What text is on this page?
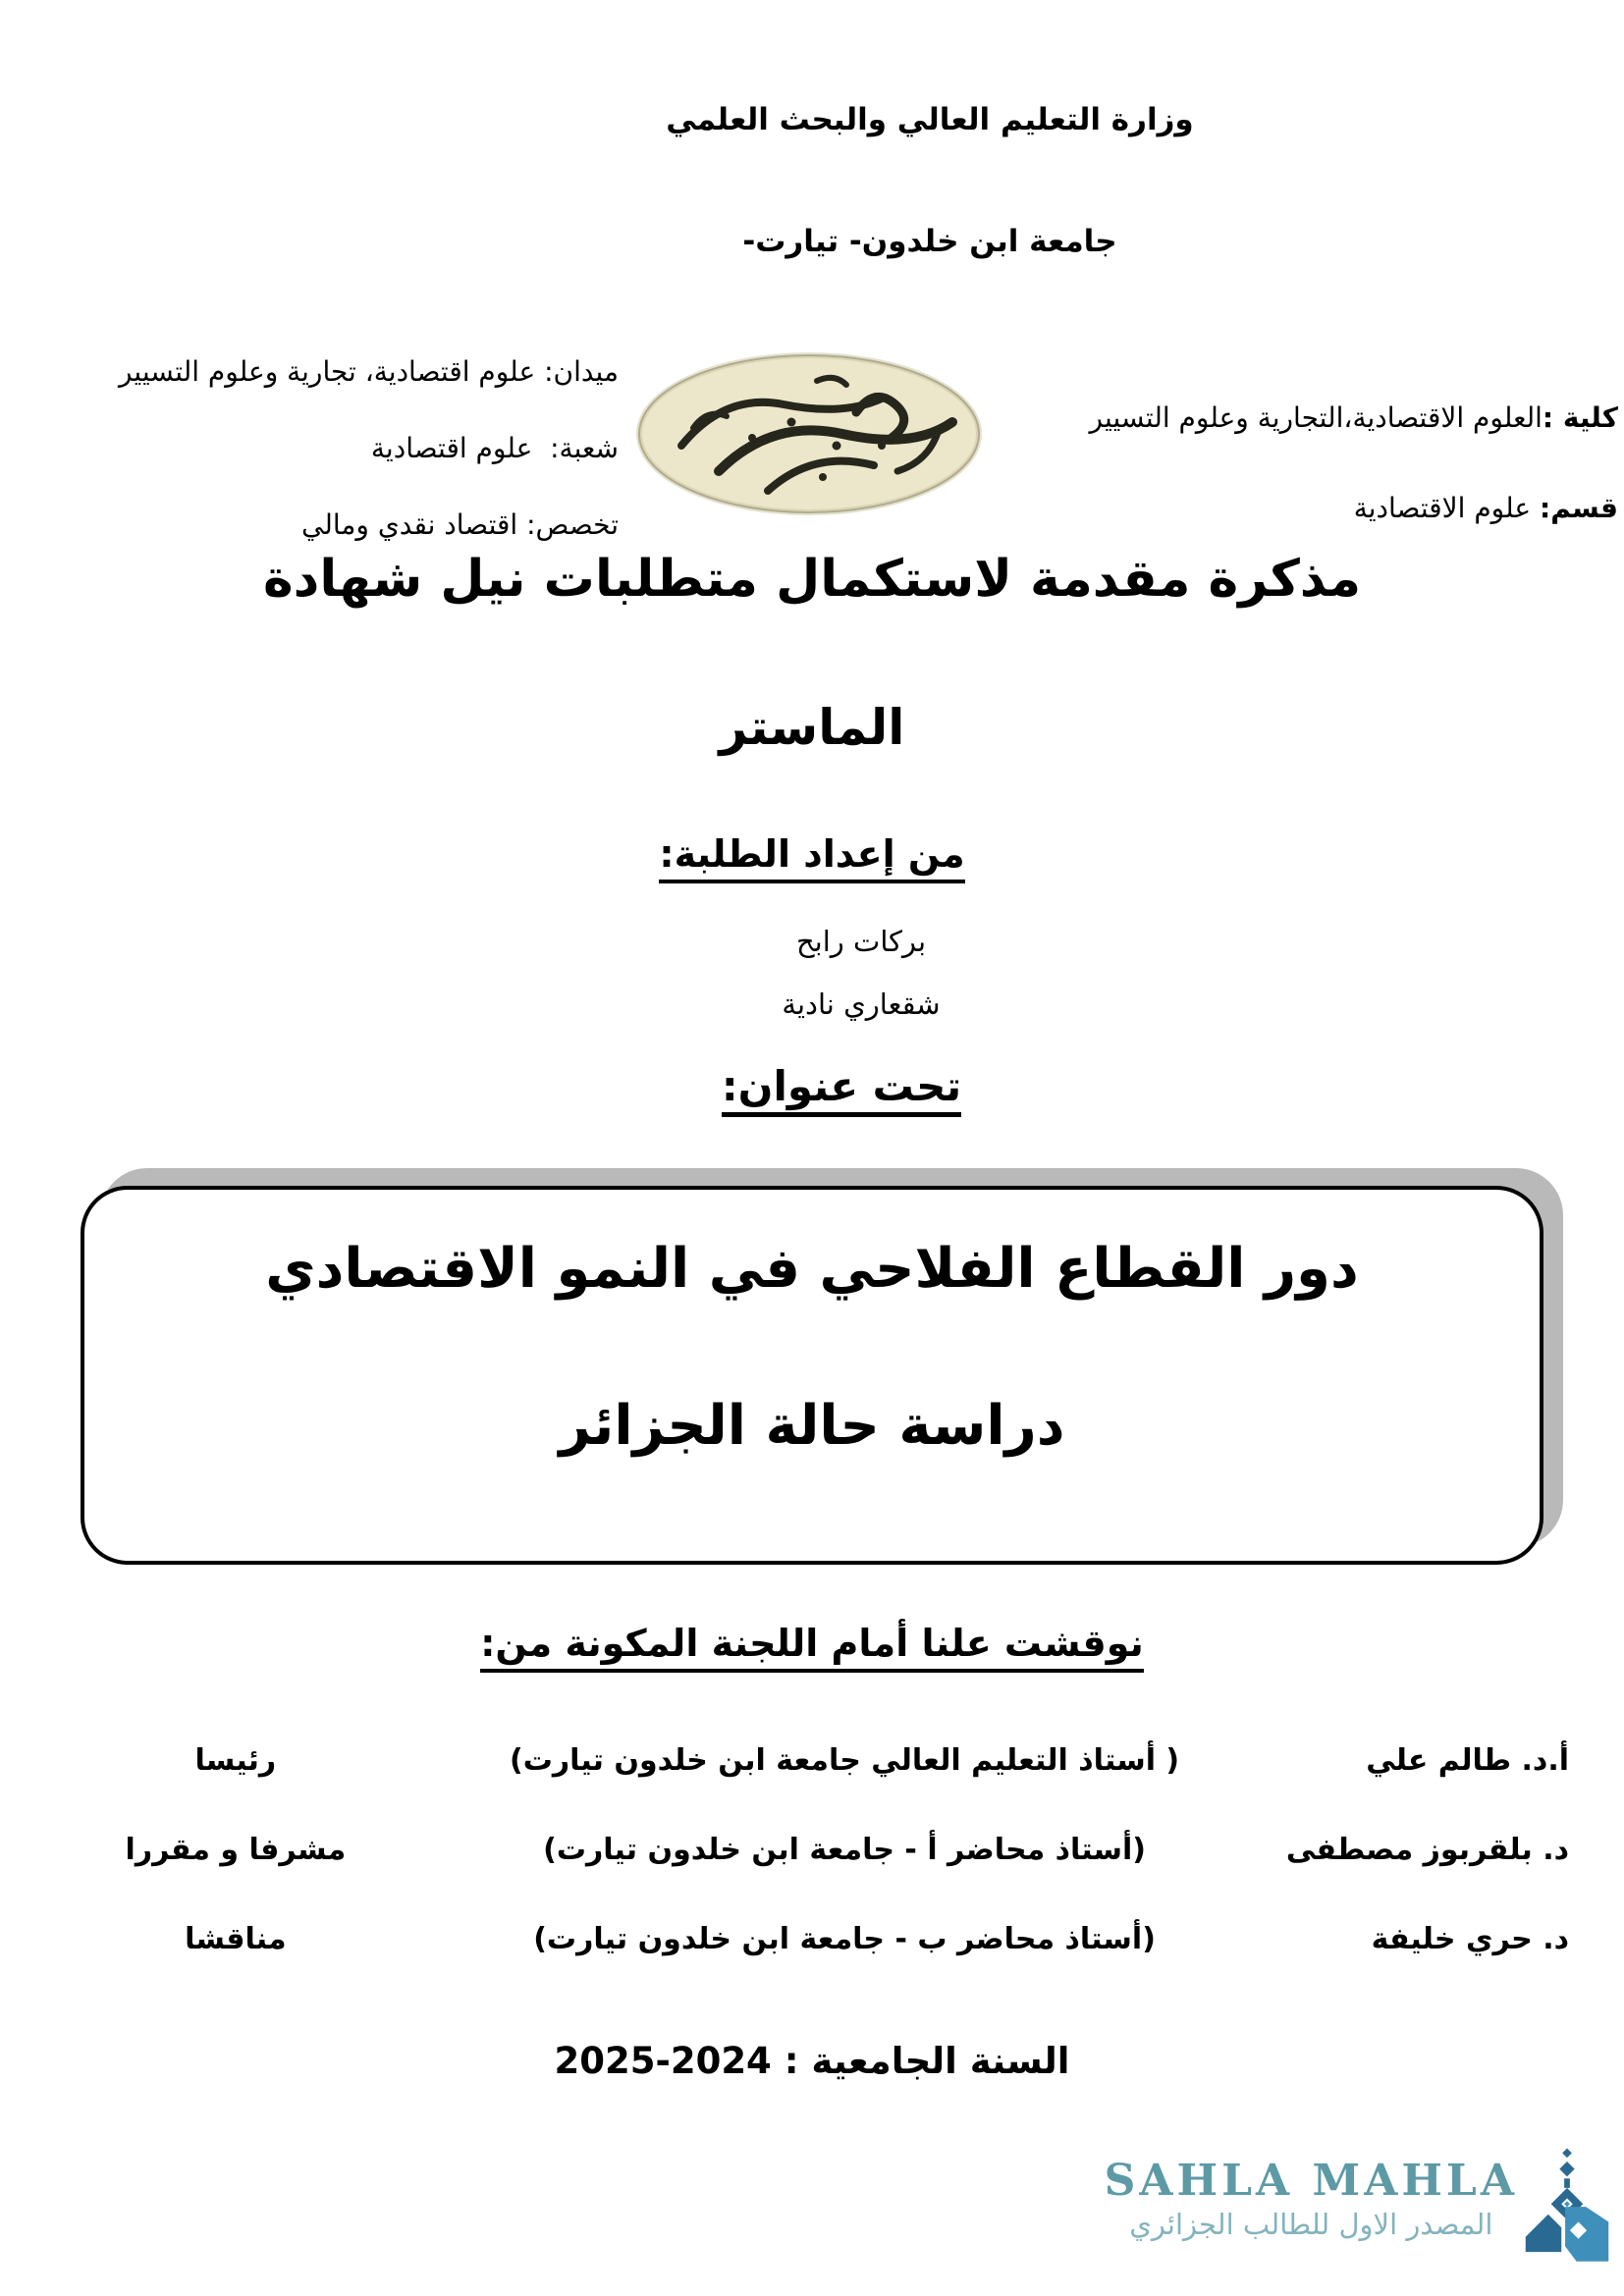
وزارة التعليم العالي والبحث العلمي
جامعة ابن خلدون- تيارت-
كلية :العلوم الاقتصادية،التجارية وعلوم التسيير
قسم: علوم الاقتصادية
ميدان: علوم اقتصادية، تجارية وعلوم التسيير
شعبة:  علوم اقتصادية
تخصص: اقتصاد نقدي ومالي
مذكرة مقدمة لاستكمال متطلبات نيل شهادة
الماستر
من إعداد الطلبة:
بركات رابح
شقعاري نادية
تحت عنوان:
دور القطاع الفلاحي في النمو الاقتصادي
دراسة حالة الجزائر
نوقشت علنا أمام اللجنة المكونة من:
أ.د. طالم علي
( أستاذ التعليم العالي جامعة ابن خلدون تيارت)
رئيسا
د. بلقربوز مصطفى
(أستاذ محاضر أ - جامعة ابن خلدون تيارت)
مشرفا و مقررا
د. حري خليفة
(أستاذ محاضر ب - جامعة ابن خلدون تيارت)
مناقشا
السنة الجامعية : 2024‏-‏2025
SAHLA MAHLA
المصدر الاول للطالب الجزائري
